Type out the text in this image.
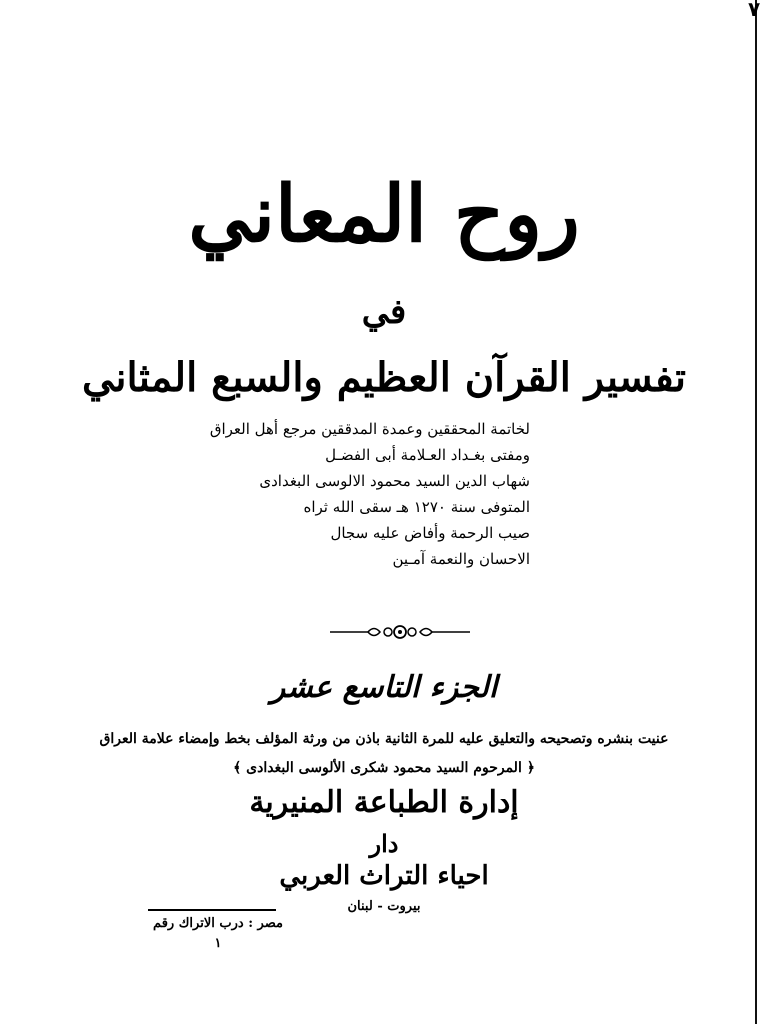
٧
روح المعاني
في
تفسير القرآن العظيم والسبع المثاني
لخاتمة المحققين وعمدة المدققين مرجع أهل العراق
ومفتى بغـداد العـلامة أبى الفضـل
شهاب الدين السيد محمود الالوسى البغدادى
المتوفى سنة ١٢٧٠ هـ سقى الله ثراه
صيب الرحمة وأفاض عليه سجال
الاحسان والنعمة آمـين
الجزء التاسع عشر
عنيت بنشره وتصحيحه والتعليق عليه للمرة الثانية باذن من ورثة المؤلف بخط وإمضاء علامة العراق
﴿ المرحوم السيد محمود شكرى الألوسى البغدادى ﴾
إدارة الطباعة المنيرية
دار
احياء التراث العربي
بيروت - لبنان
مصر : درب الاتراك رقم ١
